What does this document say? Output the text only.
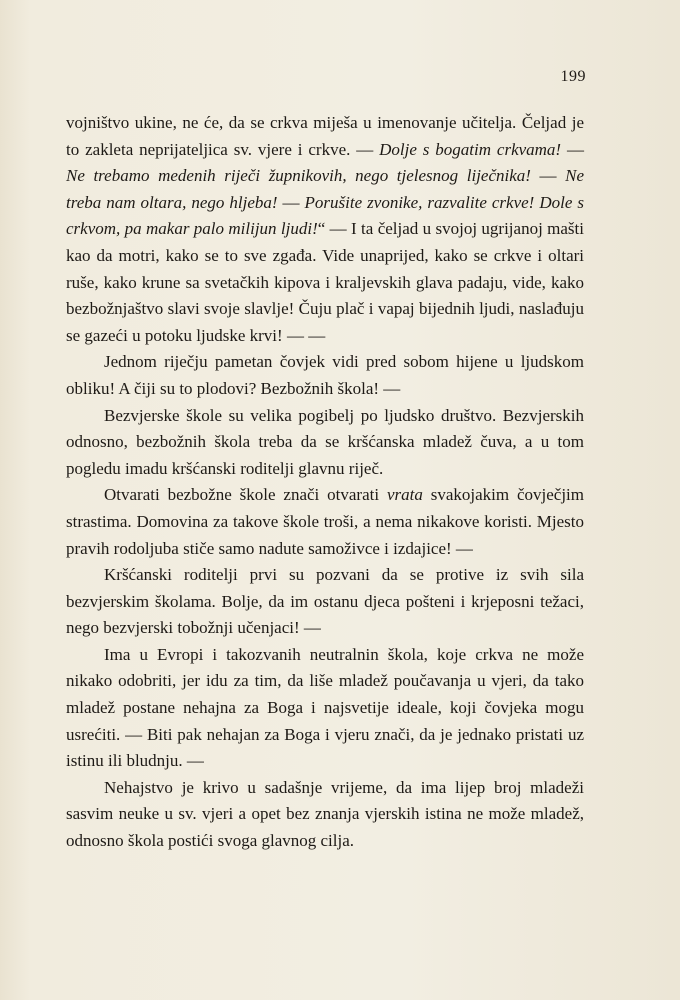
199

vojništvo ukine, ne će, da se crkva miješa u imenovanje učitelja. Čeljad je to zakleta neprijateljica sv. vjere i crkve. — Dolje s bogatim crkvama! — Ne trebamo medenih riječi župnikovih, nego tjelesnog liječnika! — Ne treba nam oltara, nego hljeba! — Porušite zvonike, razvalite crkve! Dole s crkvom, pa makar palo milijun ljudi!“ — I ta čeljad u svojoj ugrijanoj mašti kao da motri, kako se to sve zgađa. Vide unaprijed, kako se crkve i oltari ruše, kako krune sa svetačkih kipova i kraljevskih glava padaju, vide, kako bezbožnjaštvo slavi svoje slavlje! Čuju plač i vapaj bijednih ljudi, naslađuju se gazeći u potoku ljudske krvi! — —

Jednom riječju pametan čovjek vidi pred sobom hijene u ljudskom obliku! A čiji su to plodovi? Bezbožnih škola! —

Bezvjerske škole su velika pogibelj po ljudsko društvo. Bezvjerskih odnosno, bezbožnih škola treba da se kršćanska mladež čuva, a u tom pogledu imadu kršćanski roditelji glavnu riječ.

Otvarati bezbožne škole znači otvarati vrata svakojakim čovječjim strastima. Domovina za takove škole troši, a nema nikakove koristi. Mjesto pravih rodoljuba stiče samo nadute samoživce i izdajice! —

Kršćanski roditelji prvi su pozvani da se protive iz svih sila bezvjerskim školama. Bolje, da im ostanu djeca pošteni i krjeposni težaci, nego bezvjerski tobožnji učenjaci! —

Ima u Evropi i takozvanih neutralnin škola, koje crkva ne može nikako odobriti, jer idu za tim, da liše mladež poučavanja u vjeri, da tako mladež postane nehajna za Boga i najsvetije ideale, koji čovjeka mogu usrećiti. — Biti pak nehajan za Boga i vjeru znači, da je jednako pristati uz istinu ili bludnju. —

Nehajstvo je krivo u sadašnje vrijeme, da ima lijep broj mladeži sasvim neuke u sv. vjeri a opet bez znanja vjerskih istina ne može mladež, odnosno škola postići svoga glavnog cilja.
